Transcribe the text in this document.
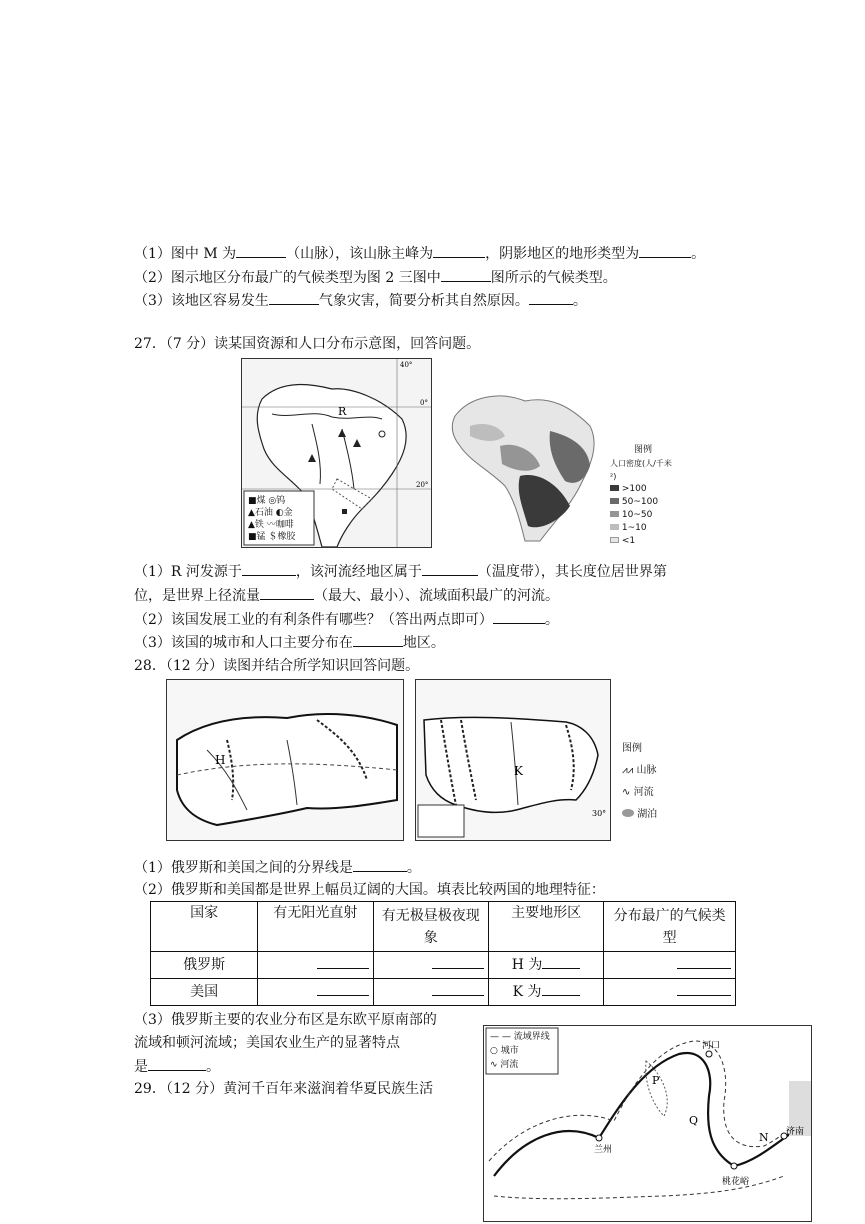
（1）图中 M 为	（山脉），该山脉主峰为	，阴影地区的地形类型为	。
（2）图示地区分布最广的气候类型为图 2 三图中	图所示的气候类型。
（3）该地区容易发生	气象灾害，简要分析其自然原因。	。
27．（7 分）读某国资源和人口分布示意图，回答问题。
R
0°
20°
40°
■煤 ◎钨
▲石油 ◐金
▲铁 〰咖啡
■锰 ＄橡胶
图例
人口密度(人/千米²)
>100
50~100
10~50
1~10
<1
（1）R 河发源于	，该河流经地区属于	（温度带），其长度位居世界第
位，是世界上径流量	（最大、最小）、流域面积最广的河流。
（2）该国发展工业的有利条件有哪些？（答出两点即可）	。
（3）该国的城市和人口主要分布在	地区。
28．（12 分）读图并结合所学知识回答问题。
H
K
30°
图例
⩘⩘ 山脉
∿ 河流
湖泊
（1）俄罗斯和美国之间的分界线是	。
（2）俄罗斯和美国都是世界上幅员辽阔的大国。填表比较两国的地理特征：
国家	有无阳光直射	有无极昼极夜现象	主要地形区	分布最广的气候类型
俄罗斯			H 为	
美国			K 为	
（3）俄罗斯主要的农业分布区是东欧平原南部的
流域和顿河流域；美国农业生产的显著特点
是	。
29．（12 分）黄河千百年来滋润着华夏民族生活
P
Q
N
河口
兰州
济南
桃花峪
— — 流域界线
○ 城市
∿ 河流
